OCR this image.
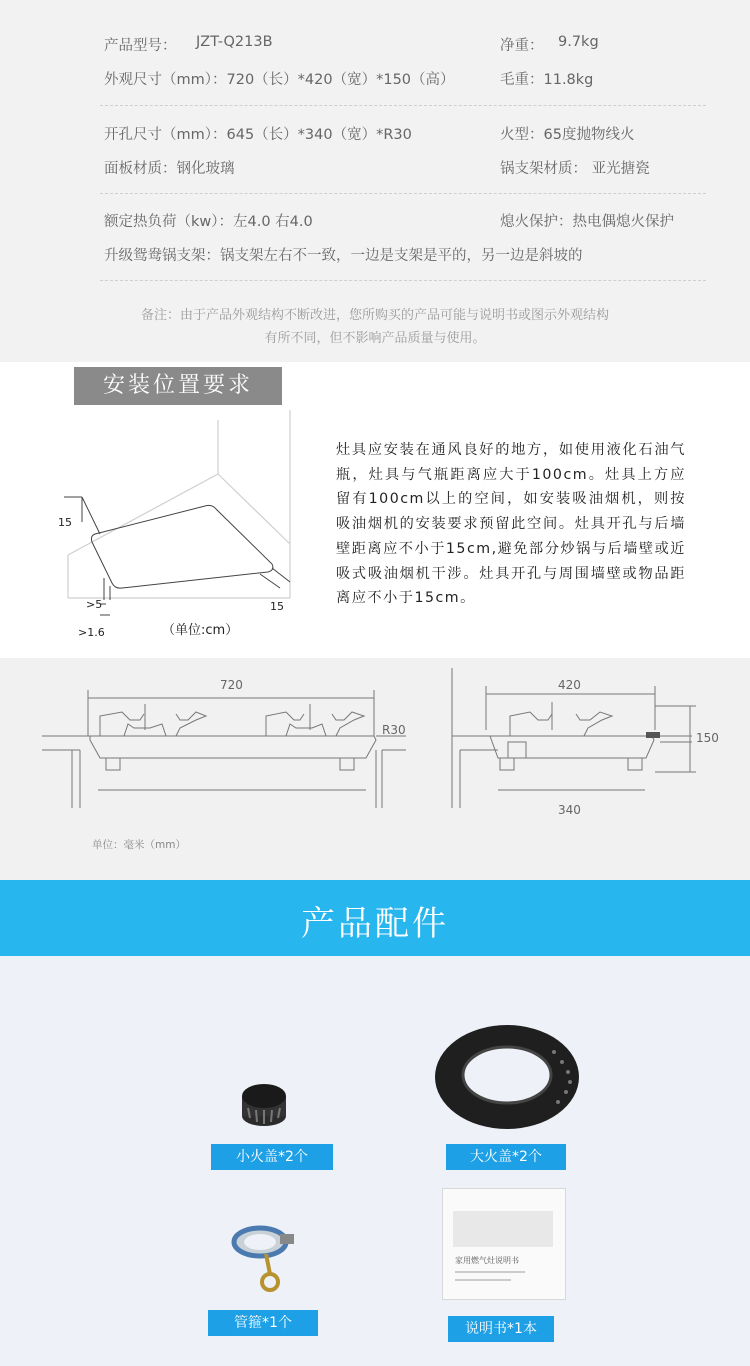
产品型号： JZT-Q213B	净重： 9.7kg
外观尺寸（mm）：720（长）*420（宽）*150（高）	毛重：11.8kg
开孔尺寸（mm）：645（长）*340（宽）*R30	火型：65度抛物线火
面板材质：钢化玻璃	锅支架材质： 亚光搪瓷
额定热负荷（kw）：左4.0 右4.0	熄火保护：热电偶熄火保护
升级鸳鸯锅支架：锅支架左右不一致，一边是支架是平的，另一边是斜坡的
备注：由于产品外观结构不断改进，您所购买的产品可能与说明书或图示外观结构
有所不同，但不影响产品质量与使用。
安装位置要求
15
15
>5
>1.6	（单位:cm）
灶具应安装在通风良好的地方，如使用液化石油气瓶，灶具与气瓶距离应大于100cm。灶具上方应留有100cm以上的空间，如安装吸油烟机，则按吸油烟机的安装要求预留此空间。灶具开孔与后墙壁距离应不小于15cm,避免部分炒锅与后墙壁或近吸式吸油烟机干涉。灶具开孔与周围墙壁或物品距离应不小于15cm。
720
R30
420
150
340
单位：毫米（mm）
产品配件
小火盖*2个	大火盖*2个
管箍*1个
家用燃气灶说明书
说明书*1本
